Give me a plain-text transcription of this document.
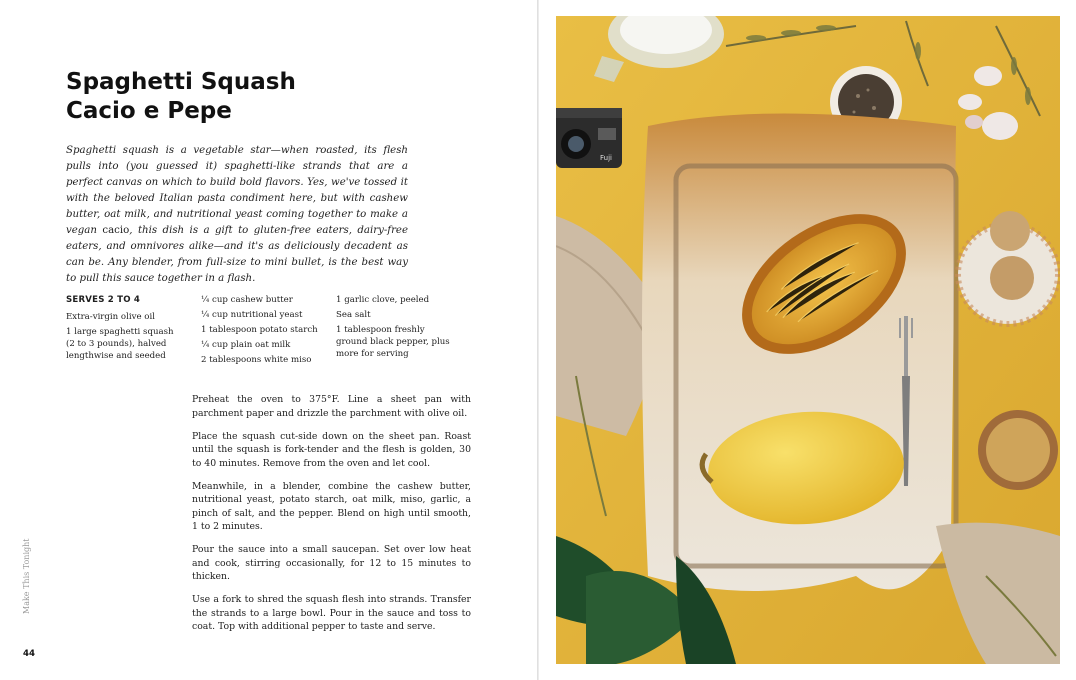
Spaghetti Squash
Cacio e Pepe

Spaghetti squash is a vegetable star—when roasted, its flesh pulls into (you guessed it) spaghetti-like strands that are a perfect canvas on which to build bold flavors. Yes, we've tossed it with the beloved Italian pasta condiment here, but with cashew butter, oat milk, and nutritional yeast coming together to make a vegan cacio, this dish is a gift to gluten-free eaters, dairy-free eaters, and omnivores alike—and it's as deliciously decadent as can be. Any blender, from full-size to mini bullet, is the best way to pull this sauce together in a flash.

SERVES 2 TO 4
Extra-virgin olive oil
1 large spaghetti squash (2 to 3 pounds), halved lengthwise and seeded
¼ cup cashew butter
¼ cup nutritional yeast
1 tablespoon potato starch
¼ cup plain oat milk
2 tablespoons white miso
1 garlic clove, peeled
Sea salt
1 tablespoon freshly ground black pepper, plus more for serving

Preheat the oven to 375°F. Line a sheet pan with parchment paper and drizzle the parchment with olive oil.

Place the squash cut-side down on the sheet pan. Roast until the squash is fork-tender and the flesh is golden, 30 to 40 minutes. Remove from the oven and let cool.

Meanwhile, in a blender, combine the cashew butter, nutritional yeast, potato starch, oat milk, miso, garlic, a pinch of salt, and the pepper. Blend on high until smooth, 1 to 2 minutes.

Pour the sauce into a small saucepan. Set over low heat and cook, stirring occasionally, for 12 to 15 minutes to thicken.

Use a fork to shred the squash flesh into strands. Transfer the strands to a large bowl. Pour in the sauce and toss to coat. Top with additional pepper to taste and serve.

Make This Tonight
44
Fuji
